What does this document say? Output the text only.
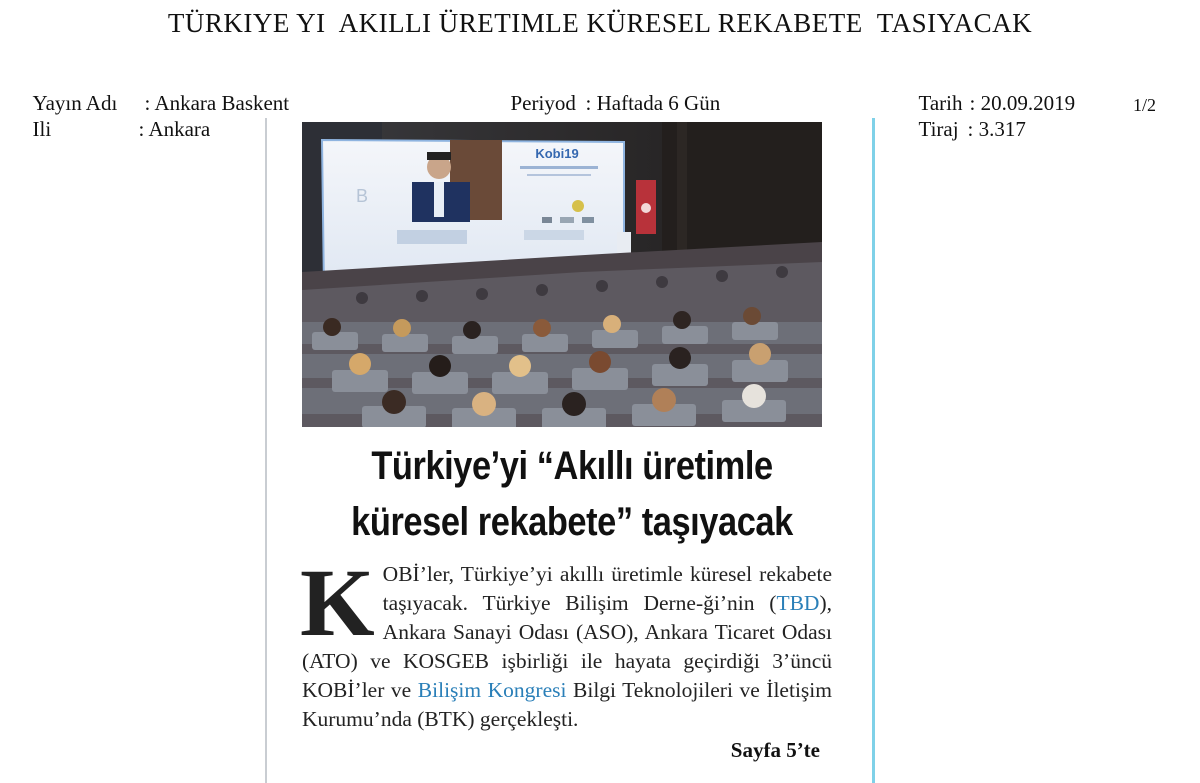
TÜRKIYE YI  AKILLI ÜRETIMLE KÜRESEL REKABETE  TASIYACAK

Yayın Adı : Ankara Baskent

Ili	: Ankara

Periyod : Haftada 6 Gün

	Tarih : 20.09.2019

Tiraj : 3.317

1/2
B
Kobi19
Türkiye’yi “Akıllı üretimle
küresel rekabete” taşıyacak
KOBİ’ler, Türkiye’yi akıllı üretimle küresel rekabete taşıyacak. Türkiye Bilişim Derne-ği’nin (TBD), Ankara Sanayi Odası (ASO), Ankara Ticaret Odası (ATO) ve KOSGEB işbirliği ile hayata geçirdiği 3’üncü KOBİ’ler ve Bilişim Kongresi Bilgi Teknolojileri ve İletişim Kurumu’nda (BTK) gerçekleşti.
Sayfa 5’te
